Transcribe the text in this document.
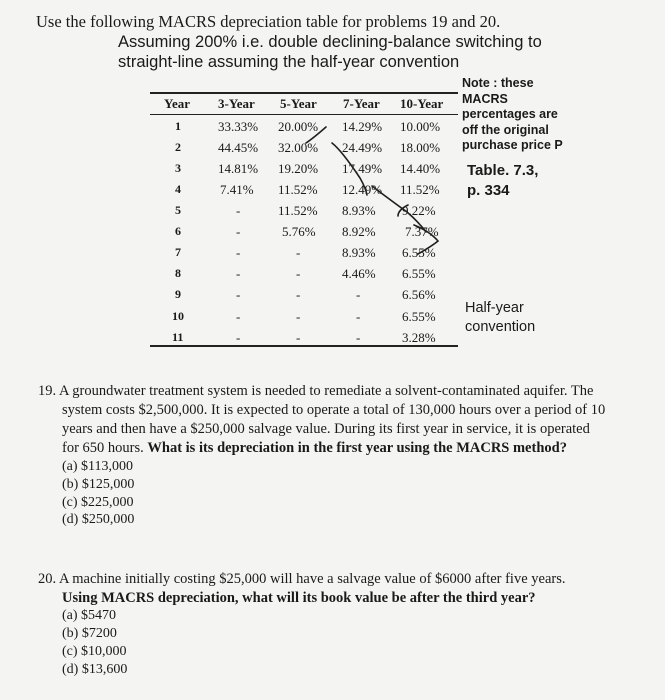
Use the following MACRS depreciation table for problems 19 and 20.
Assuming 200% i.e. double declining-balance switching to
straight-line assuming the half-year convention
Year 3-Year 5-Year 7-Year 10-Year
1	33.33% 20.00% 14.29% 10.00%
2	44.45% 32.00% 24.49% 18.00%
3	14.81% 19.20% 17.49% 14.40%
4	7.41% 11.52% 12.49% 11.52%
5	-	11.52% 8.93% 9.22%
6	-	5.76% 8.92% 7.37%
7	-	-	8.93% 6.55%
8	-	-	4.46% 6.55%
9	-	-	-	6.56%
10	-	-	-	6.55%
11	-	-	-	3.28%
Note : these
MACRS
percentages are
off the original
purchase price P
Table. 7.3,
p. 334
Half-year
convention
19. A groundwater treatment system is needed to remediate a solvent-contaminated aquifer. The
system costs $2,500,000. It is expected to operate a total of 130,000 hours over a period of 10
years and then have a $250,000 salvage value. During its first year in service, it is operated
for 650 hours. What is its depreciation in the first year using the MACRS method?
(a) $113,000
(b) $125,000
(c) $225,000
(d) $250,000
20. A machine initially costing $25,000 will have a salvage value of $6000 after five years.
Using MACRS depreciation, what will its book value be after the third year?
(a) $5470
(b) $7200
(c) $10,000
(d) $13,600
